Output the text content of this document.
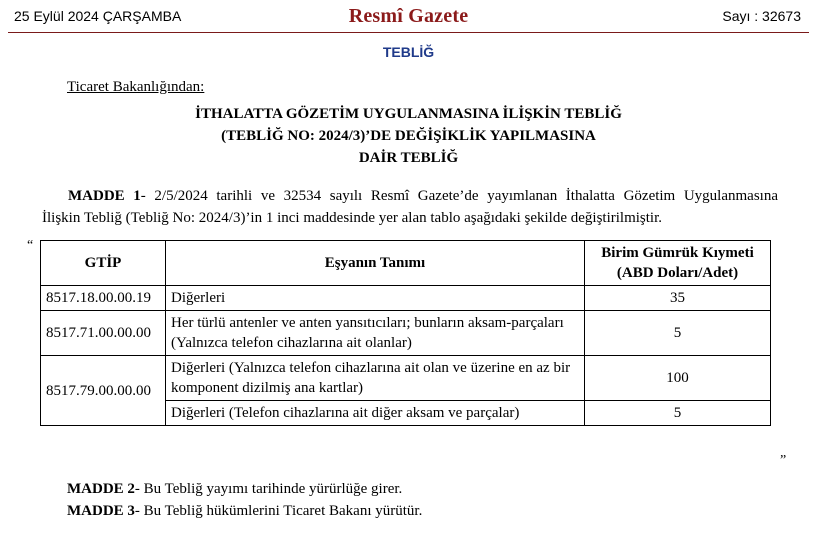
25 Eylül 2024 ÇARŞAMBA	Resmî Gazete	Sayı : 32673
TEBLİĞ
Ticaret Bakanlığından:
İTHALATTA GÖZETİM UYGULANMASINA İLİŞKİN TEBLİĞ
(TEBLİĞ NO: 2024/3)’DE DEĞİŞİKLİK YAPILMASINA
DAİR TEBLİĞ
MADDE 1- 2/5/2024 tarihli ve 32534 sayılı Resmî Gazete’de yayımlanan İthalatta Gözetim Uygulanmasına
İlişkin Tebliğ (Tebliğ No: 2024/3)’in 1 inci maddesinde yer alan tablo aşağıdaki şekilde değiştirilmiştir.
“
GTİP	Eşyanın Tanımı	Birim Gümrük Kıymeti
(ABD Doları/Adet)

8517.18.00.00.19	Diğerleri	35
8517.71.00.00.00	Her türlü antenler ve anten yansıtıcıları; bunların aksam-parçaları (Yalnızca telefon cihazlarına ait olanlar)	5
8517.79.00.00.00	Diğerleri (Yalnızca telefon cihazlarına ait olan ve üzerine en az bir komponent dizilmiş ana kartlar)	100
	Diğerleri (Telefon cihazlarına ait diğer aksam ve parçalar)	5
”
MADDE 2- Bu Tebliğ yayımı tarihinde yürürlüğe girer.
MADDE 3- Bu Tebliğ hükümlerini Ticaret Bakanı yürütür.
